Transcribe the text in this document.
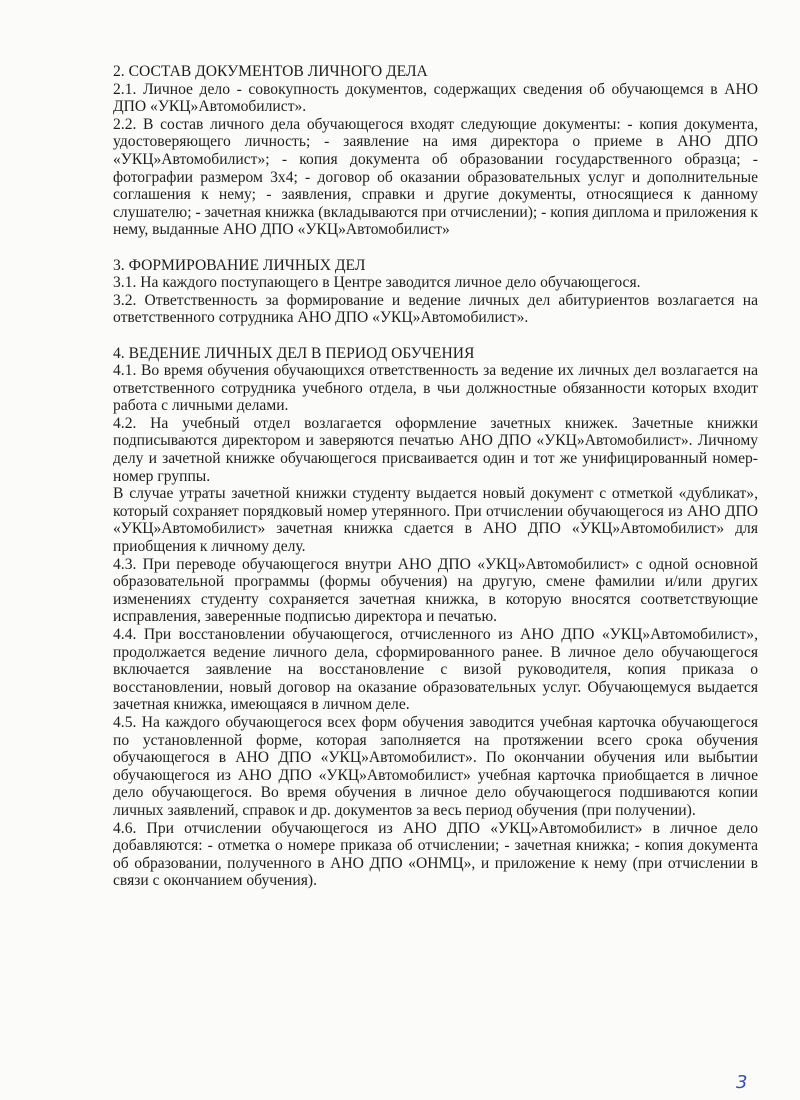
2. СОСТАВ ДОКУМЕНТОВ ЛИЧНОГО ДЕЛА

2.1. Личное дело - совокупность документов, содержащих сведения об обучающемся в АНО ДПО «УКЦ»Автомобилист».

2.2. В состав личного дела обучающегося входят следующие документы: - копия документа, удостоверяющего личность; - заявление на имя директора о приеме в АНО ДПО «УКЦ»Автомобилист»; - копия документа об образовании государственного образца; - фотографии размером 3х4; - договор об оказании образовательных услуг и дополнительные соглашения к нему; - заявления, справки и другие документы, относящиеся к данному слушателю; - зачетная книжка (вкладываются при отчислении); - копия диплома и приложения к нему, выданные АНО ДПО «УКЦ»Автомобилист»

3. ФОРМИРОВАНИЕ ЛИЧНЫХ ДЕЛ

3.1. На каждого поступающего в Центре заводится личное дело обучающегося.

3.2. Ответственность за формирование и ведение личных дел абитуриентов возлагается на ответственного сотрудника АНО ДПО «УКЦ»Автомобилист».

4. ВЕДЕНИЕ ЛИЧНЫХ ДЕЛ В ПЕРИОД ОБУЧЕНИЯ

4.1. Во время обучения обучающихся ответственность за ведение их личных дел возлагается на ответственного сотрудника учебного отдела, в чьи должностные обязанности которых входит работа с личными делами.

4.2. На учебный отдел возлагается оформление зачетных книжек. Зачетные книжки подписываются директором и заверяются печатью АНО ДПО «УКЦ»Автомобилист». Личному делу и зачетной книжке обучающегося присваивается один и тот же унифицированный номер- номер группы.

В случае утраты зачетной книжки студенту выдается новый документ с отметкой «дубликат», который сохраняет порядковый номер утерянного. При отчислении обучающегося из АНО ДПО «УКЦ»Автомобилист» зачетная книжка сдается в АНО ДПО «УКЦ»Автомобилист» для приобщения к личному делу.

4.3. При переводе обучающегося внутри АНО ДПО «УКЦ»Автомобилист» с одной основной образовательной программы (формы обучения) на другую, смене фамилии и/или других изменениях студенту сохраняется зачетная книжка, в которую вносятся соответствующие исправления, заверенные подписью директора и печатью.

4.4. При восстановлении обучающегося, отчисленного из АНО ДПО «УКЦ»Автомобилист», продолжается ведение личного дела, сформированного ранее. В личное дело обучающегося включается заявление на восстановление с визой руководителя, копия приказа о восстановлении, новый договор на оказание образовательных услуг. Обучающемуся выдается зачетная книжка, имеющаяся в личном деле.

4.5. На каждого обучающегося всех форм обучения заводится учебная карточка обучающегося по установленной форме, которая заполняется на протяжении всего срока обучения обучающегося в АНО ДПО «УКЦ»Автомобилист». По окончании обучения или выбытии обучающегося из АНО ДПО «УКЦ»Автомобилист» учебная карточка приобщается в личное дело обучающегося. Во время обучения в личное дело обучающегося подшиваются копии личных заявлений, справок и др. документов за весь период обучения (при получении).

4.6. При отчислении обучающегося из АНО ДПО «УКЦ»Автомобилист» в личное дело добавляются: - отметка о номере приказа об отчислении; - зачетная книжка; - копия документа об образовании, полученного в АНО ДПО «ОНМЦ», и приложение к нему (при отчислении в связи с окончанием обучения).

3
